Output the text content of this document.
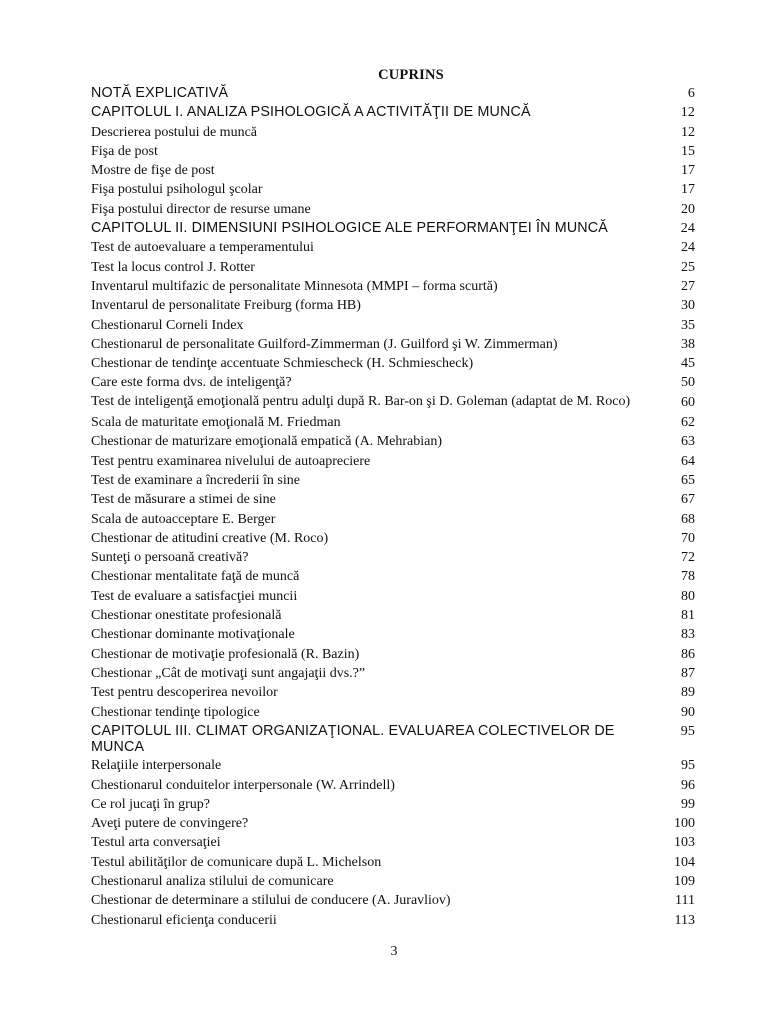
CUPRINS
NOTĂ EXPLICATIVĂ	6
CAPITOLUL I. ANALIZA PSIHOLOGICĂ A ACTIVITĂŢII DE MUNCĂ	12
Descrierea postului de muncă	12
Fişa de post	15
Mostre de fişe de post	17
Fişa postului psihologul şcolar	17
Fişa postului director de resurse umane	20
CAPITOLUL II. DIMENSIUNI PSIHOLOGICE ALE PERFORMANŢEI ÎN MUNCĂ	24
Test de autoevaluare a temperamentului	24
Test la locus control J. Rotter	25
Inventarul multifazic de personalitate Minnesota (MMPI – forma scurtă)	27
Inventarul de personalitate Freiburg (forma HB)	30
Chestionarul Corneli Index	35
Chestionarul de personalitate Guilford-Zimmerman (J. Guilford şi W. Zimmerman)	38
Chestionar de tendinţe accentuate Schmiescheck (H. Schmiescheck)	45
Care este forma dvs. de inteligenţă?	50
Test de inteligenţă emoţională pentru adulţi după R. Bar-on şi D. Goleman (adaptat de M. Roco)	60
Scala de maturitate emoţională M. Friedman	62
Chestionar de maturizare emoţională empatică (A. Mehrabian)	63
Test pentru examinarea nivelului de autoapreciere	64
Test de examinare a încrederii în sine	65
Test de măsurare a stimei de sine	67
Scala de autoacceptare E. Berger	68
Chestionar de atitudini creative (M. Roco)	70
Sunteţi o persoană creativă?	72
Chestionar mentalitate faţă de muncă	78
Test de evaluare a satisfacţiei muncii	80
Chestionar onestitate profesională	81
Chestionar dominante motivaţionale	83
Chestionar de motivaţie profesională (R. Bazin)	86
Chestionar „Cât de motivaţi sunt angajaţii dvs.?”	87
Test pentru descoperirea nevoilor	89
Chestionar tendinţe tipologice	90
CAPITOLUL III. CLIMAT ORGANIZAŢIONAL. EVALUAREA COLECTIVELOR DE MUNCA
95
Relaţiile interpersonale	95
Chestionarul conduitelor interpersonale (W. Arrindell)	96
Ce rol jucaţi în grup?	99
Aveţi putere de convingere?	100
Testul arta conversaţiei	103
Testul abilităţilor de comunicare după L. Michelson	104
Chestionarul analiza stilului de comunicare	109
Chestionar de determinare a stilului de conducere (A. Juravliov)	111
Chestionarul eficienţa conducerii	113
3
